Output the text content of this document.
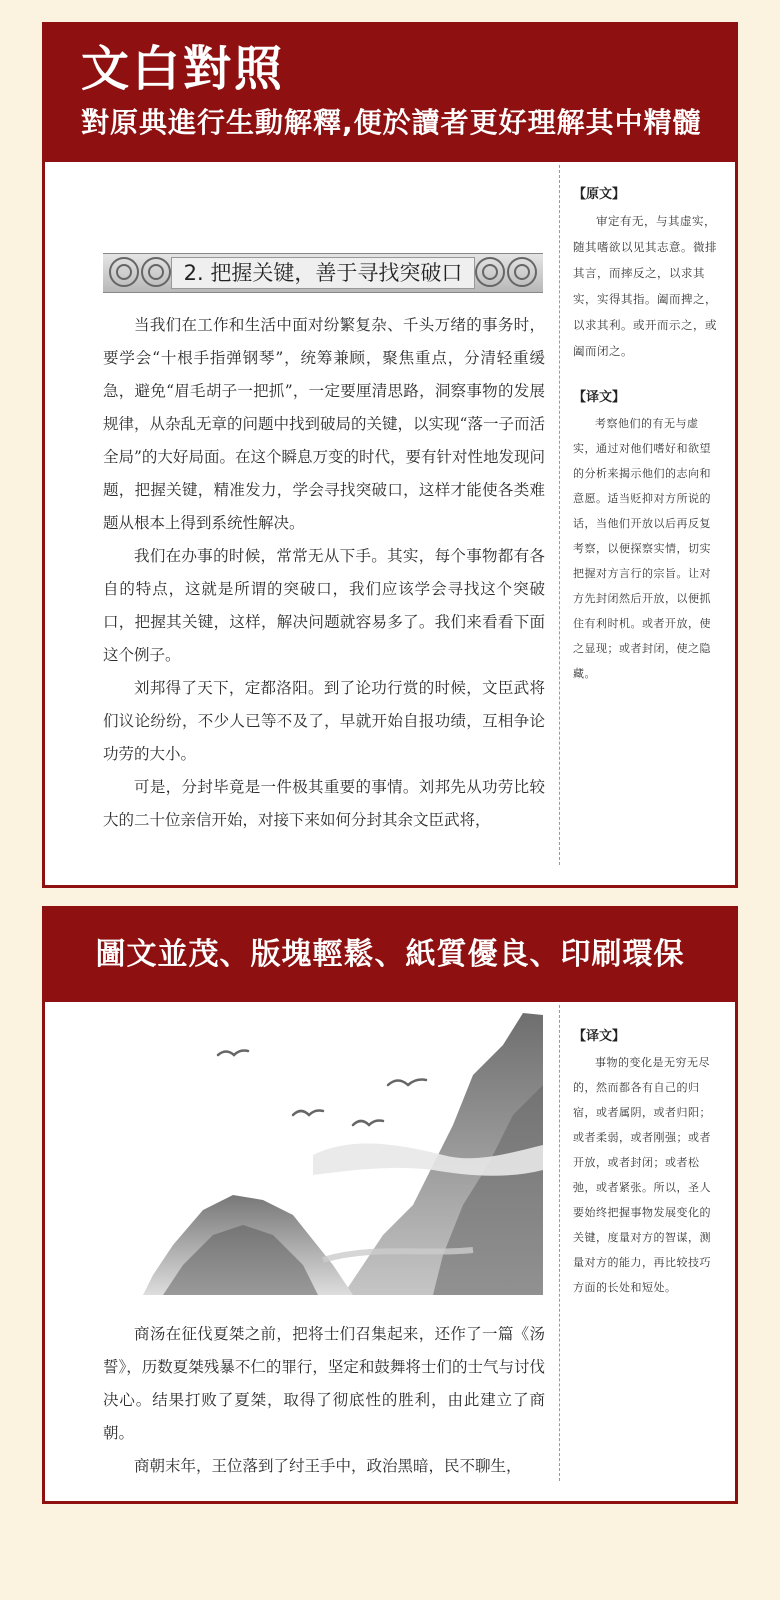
文白對照
對原典進行生動解釋,便於讀者更好理解其中精髓
2. 把握关键，善于寻找突破口

当我们在工作和生活中面对纷繁复杂、千头万绪的事务时，要学会“十根手指弹钢琴”，统筹兼顾，聚焦重点，分清轻重缓急，避免“眉毛胡子一把抓”，一定要厘清思路，洞察事物的发展规律，从杂乱无章的问题中找到破局的关键，以实现“落一子而活全局”的大好局面。在这个瞬息万变的时代，要有针对性地发现问题，把握关键，精准发力，学会寻找突破口，这样才能使各类难题从根本上得到系统性解决。

我们在办事的时候，常常无从下手。其实，每个事物都有各自的特点，这就是所谓的突破口，我们应该学会寻找这个突破口，把握其关键，这样，解决问题就容易多了。我们来看看下面这个例子。

刘邦得了天下，定都洛阳。到了论功行赏的时候，文臣武将们议论纷纷，不少人已等不及了，早就开始自报功绩，互相争论功劳的大小。

可是，分封毕竟是一件极其重要的事情。刘邦先从功劳比较大的二十位亲信开始，对接下来如何分封其余文臣武将，

【原文】

审定有无，与其虚实，随其嗜欲以见其志意。微排其言，而摔反之，以求其实，实得其指。阖而捭之，以求其利。或开而示之，或阖而闭之。

【译文】

考察他们的有无与虚实，通过对他们嗜好和欲望的分析来揭示他们的志向和意愿。适当贬抑对方所说的话，当他们开放以后再反复考察，以便探察实情，切实把握对方言行的宗旨。让对方先封闭然后开放，以便抓住有利时机。或者开放，使之显现；或者封闭，使之隐藏。

圖文並茂、版塊輕鬆、紙質優良、印刷環保

商汤在征伐夏桀之前，把将士们召集起来，还作了一篇《汤誓》，历数夏桀残暴不仁的罪行，坚定和鼓舞将士们的士气与讨伐决心。结果打败了夏桀，取得了彻底性的胜利，由此建立了商朝。

商朝末年，王位落到了纣王手中，政治黑暗，民不聊生，

【译文】

事物的变化是无穷无尽的，然而都各有自己的归宿，或者属阴，或者归阳；或者柔弱，或者刚强；或者开放，或者封闭；或者松弛，或者紧张。所以，圣人要始终把握事物发展变化的关键，度量对方的智谋，测量对方的能力，再比较技巧方面的长处和短处。
